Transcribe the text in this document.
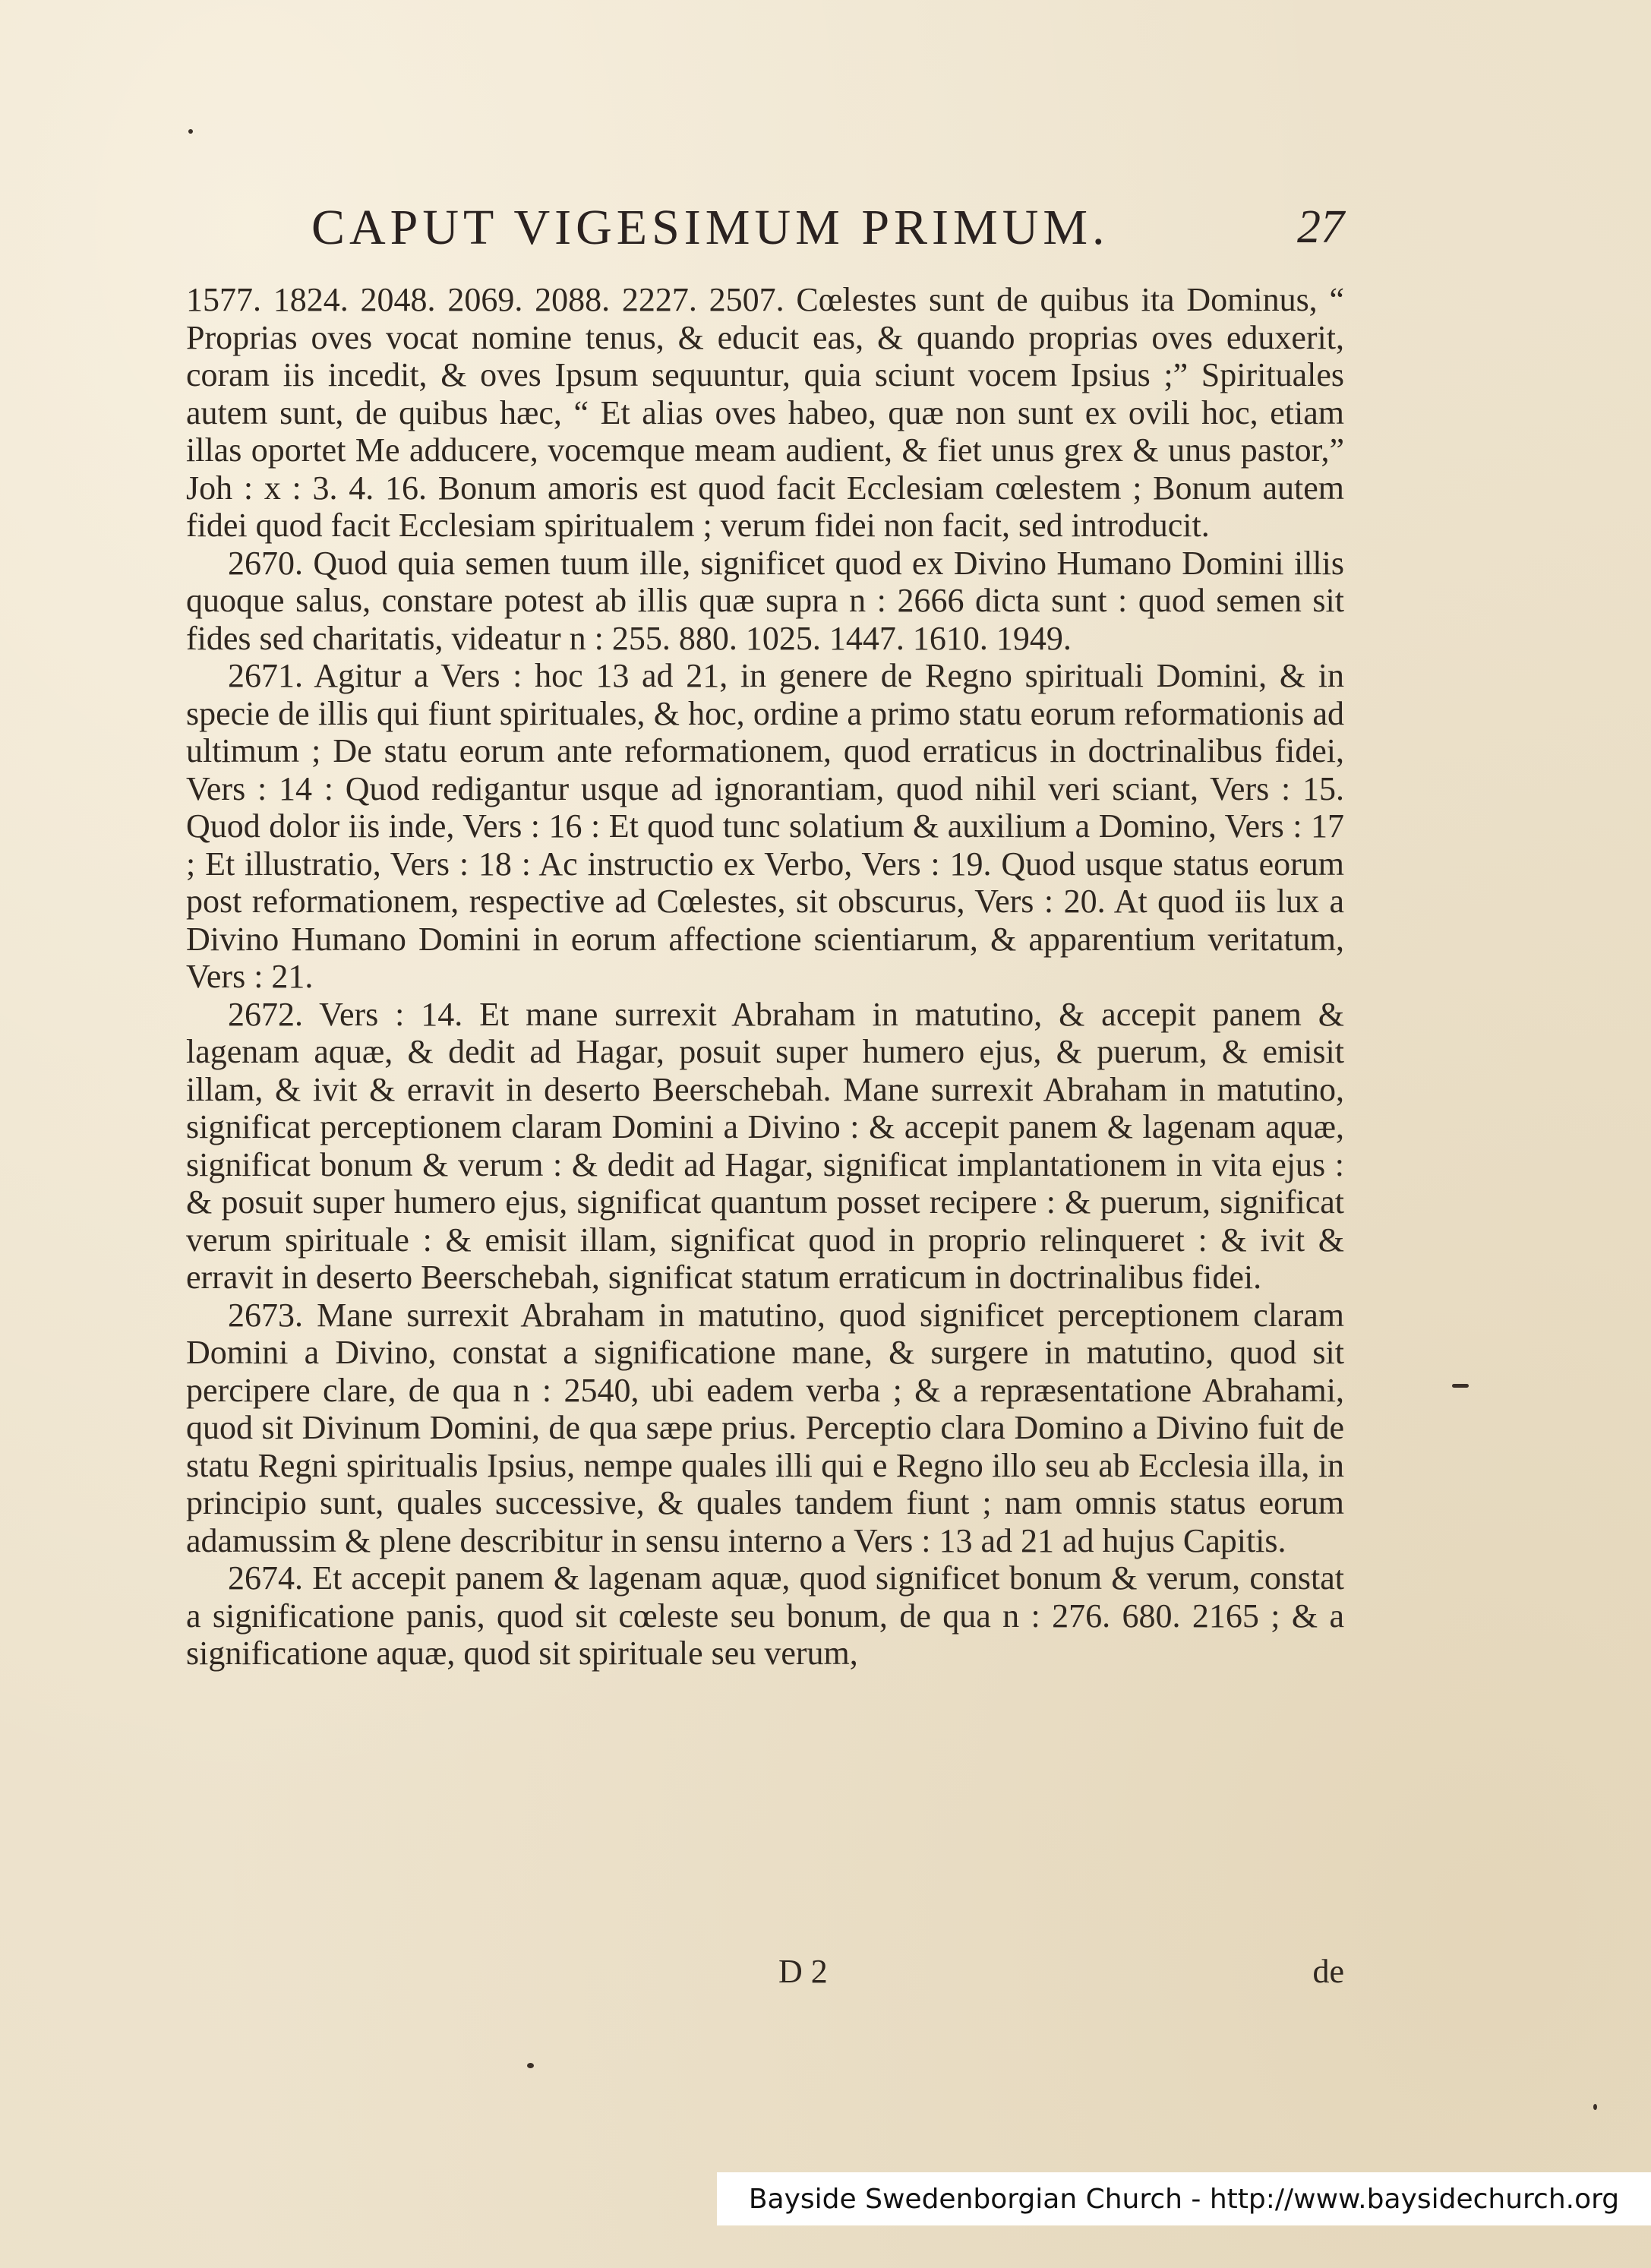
CAPUT VIGESIMUM PRIMUM.	27

1577. 1824. 2048. 2069. 2088. 2227. 2507. Cœlestes sunt de quibus ita Dominus, “ Proprias oves vocat nomine tenus, & educit eas, & quando proprias oves eduxerit, coram iis incedit, & oves Ipsum sequuntur, quia sciunt vocem Ipsius ;” Spirituales autem sunt, de quibus hæc, “ Et alias oves habeo, quæ non sunt ex ovili hoc, etiam illas oportet Me adducere, vocemque meam audient, & fiet unus grex & unus pastor,” Joh : x : 3. 4. 16. Bonum amoris est quod facit Ecclesiam cœlestem ; Bonum autem fidei quod facit Ecclesiam spiritualem ; verum fidei non facit, sed introducit.

2670. Quod quia semen tuum ille, significet quod ex Divino Humano Domini illis quoque salus, constare potest ab illis quæ supra n : 2666 dicta sunt : quod semen sit fides sed charitatis, videatur n : 255. 880. 1025. 1447. 1610. 1949.

2671. Agitur a Vers : hoc 13 ad 21, in genere de Regno spirituali Domini, & in specie de illis qui fiunt spirituales, & hoc, ordine a primo statu eorum reformationis ad ultimum ; De statu eorum ante reformationem, quod erraticus in doctrinalibus fidei, Vers : 14 : Quod redigantur usque ad ignorantiam, quod nihil veri sciant, Vers : 15. Quod dolor iis inde, Vers : 16 : Et quod tunc solatium & auxilium a Domino, Vers : 17 ; Et illustratio, Vers : 18 : Ac instructio ex Verbo, Vers : 19. Quod usque status eorum post reformationem, respective ad Cœlestes, sit obscurus, Vers : 20. At quod iis lux a Divino Humano Domini in eorum affectione scientiarum, & apparentium veritatum, Vers : 21.

2672. Vers : 14. Et mane surrexit Abraham in matutino, & accepit panem & lagenam aquæ, & dedit ad Hagar, posuit super humero ejus, & puerum, & emisit illam, & ivit & erravit in deserto Beerschebah. Mane surrexit Abraham in matutino, significat perceptionem claram Domini a Divino : & accepit panem & lagenam aquæ, significat bonum & verum : & dedit ad Hagar, significat implantationem in vita ejus : & posuit super humero ejus, significat quantum posset recipere : & puerum, significat verum spirituale : & emisit illam, significat quod in proprio relinqueret : & ivit & erravit in deserto Beerschebah, significat statum erraticum in doctrinalibus fidei.

2673. Mane surrexit Abraham in matutino, quod significet perceptionem claram Domini a Divino, constat a significatione mane, & surgere in matutino, quod sit percipere clare, de qua n : 2540, ubi eadem verba ; & a repræsentatione Abrahami, quod sit Divinum Domini, de qua sæpe prius. Perceptio clara Domino a Divino fuit de statu Regni spiritualis Ipsius, nempe quales illi qui e Regno illo seu ab Ecclesia illa, in principio sunt, quales successive, & quales tandem fiunt ; nam omnis status eorum adamussim & plene describitur in sensu interno a Vers : 13 ad 21 ad hujus Capitis.

2674. Et accepit panem & lagenam aquæ, quod significet bonum & verum, constat a significatione panis, quod sit cœleste seu bonum, de qua n : 276. 680. 2165 ; & a significatione aquæ, quod sit spirituale seu verum,

D 2	de
Bayside Swedenborgian Church - http://www.baysidechurch.org
